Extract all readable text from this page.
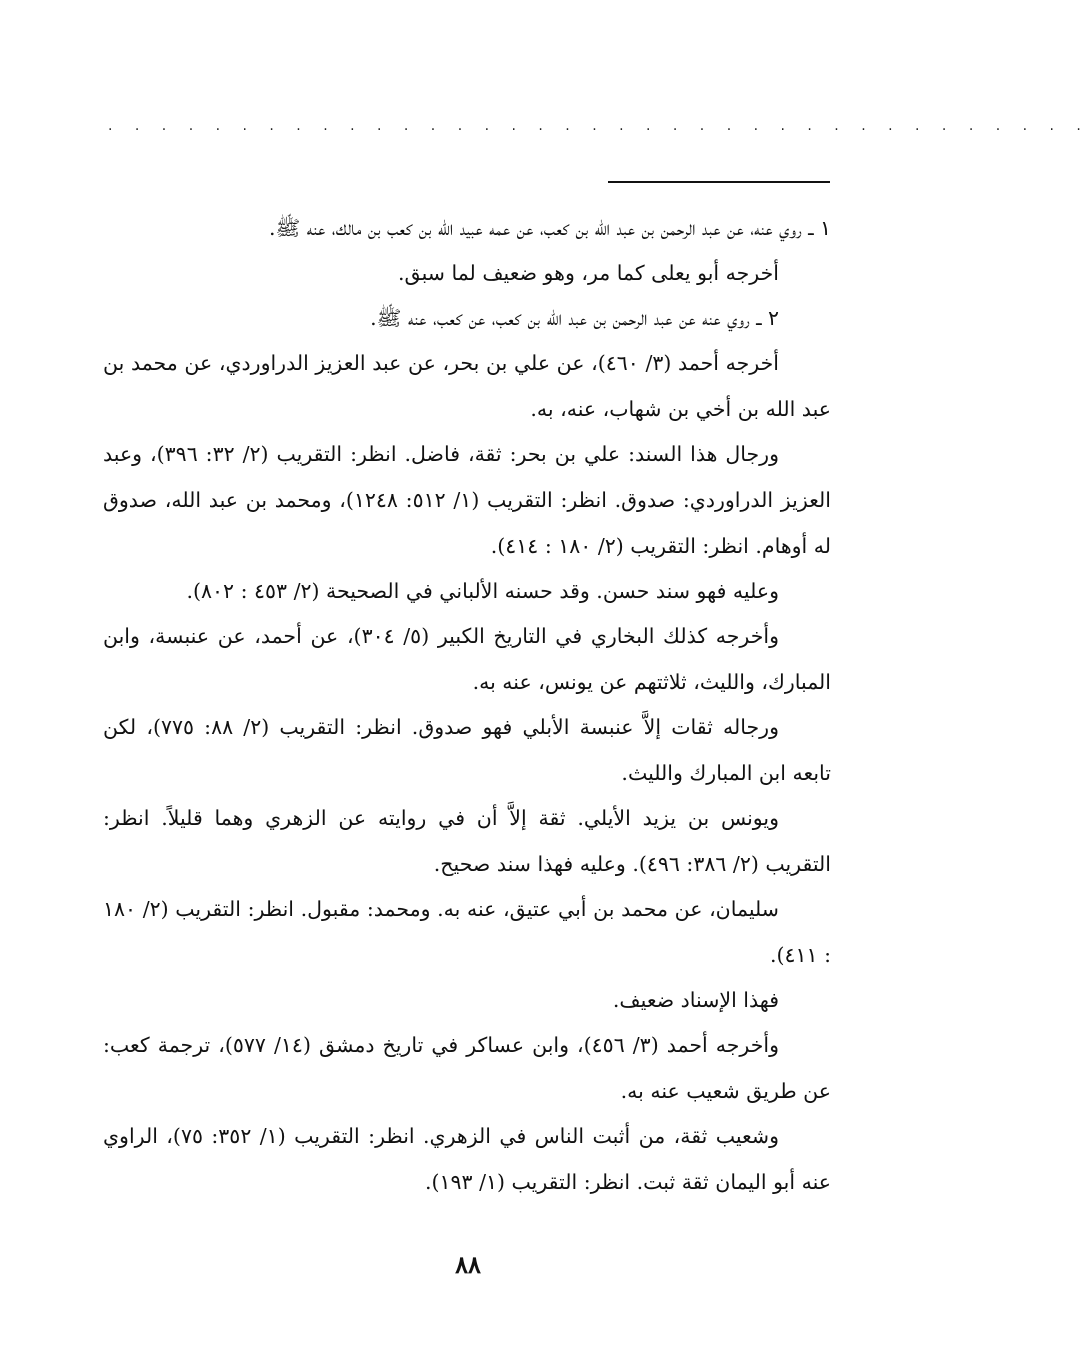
. . . . . . . . . . . . . . . . . . . . . . . . . . . . . . . . . . . . .

١ ــ روي عنه، عن عبد الرحمن بن عبد الله بن كعب، عن عمه عبيد الله بن كعب بن مالك، عنه ﷺ.

أخرجه أبو يعلى كما مر، وهو ضعيف لما سبق.

٢ ــ روي عنه عن عبد الرحمن بن عبد الله بن كعب، عن كعب، عنه ﷺ.

أخرجه أحمد (٣/ ٤٦٠)، عن علي بن بحر، عن عبد العزيز الدراوردي، عن محمد بن عبد الله بن أخي بن شهاب، عنه، به.

ورجال هذا السند: علي بن بحر: ثقة، فاضل. انظر: التقريب (٢/ ٣٢: ٣٩٦)، وعبد العزيز الدراوردي: صدوق. انظر: التقريب (١/ ٥١٢: ١٢٤٨)، ومحمد بن عبد الله، صدوق له أوهام. انظر: التقريب (٢/ ١٨٠ : ٤١٤).

وعليه فهو سند حسن. وقد حسنه الألباني في الصحيحة (٢/ ٤٥٣ : ٨٠٢).

وأخرجه كذلك البخاري في التاريخ الكبير (٥/ ٣٠٤)، عن أحمد، عن عنبسة، وابن المبارك، والليث، ثلاثتهم عن يونس، عنه به.

ورجاله ثقات إلاَّ عنبسة الأبلي فهو صدوق. انظر: التقريب (٢/ ٨٨: ٧٧٥)، لكن تابعه ابن المبارك والليث.

ويونس بن يزيد الأيلي. ثقة إلاَّ أن في روايته عن الزهري وهما قليلاً. انظر: التقريب (٢/ ٣٨٦: ٤٩٦). وعليه فهذا سند صحيح.

سليمان، عن محمد بن أبي عتيق، عنه به. ومحمد: مقبول. انظر: التقريب (٢/ ١٨٠ : ٤١١).

فهذا الإسناد ضعيف.

وأخرجه أحمد (٣/ ٤٥٦)، وابن عساكر في تاريخ دمشق (١٤/ ٥٧٧)، ترجمة كعب: عن طريق شعيب عنه به.

وشعيب ثقة، من أثبت الناس في الزهري. انظر: التقريب (١/ ٣٥٢: ٧٥)، الراوي عنه أبو اليمان ثقة ثبت. انظر: التقريب (١/ ١٩٣).

٨٨
